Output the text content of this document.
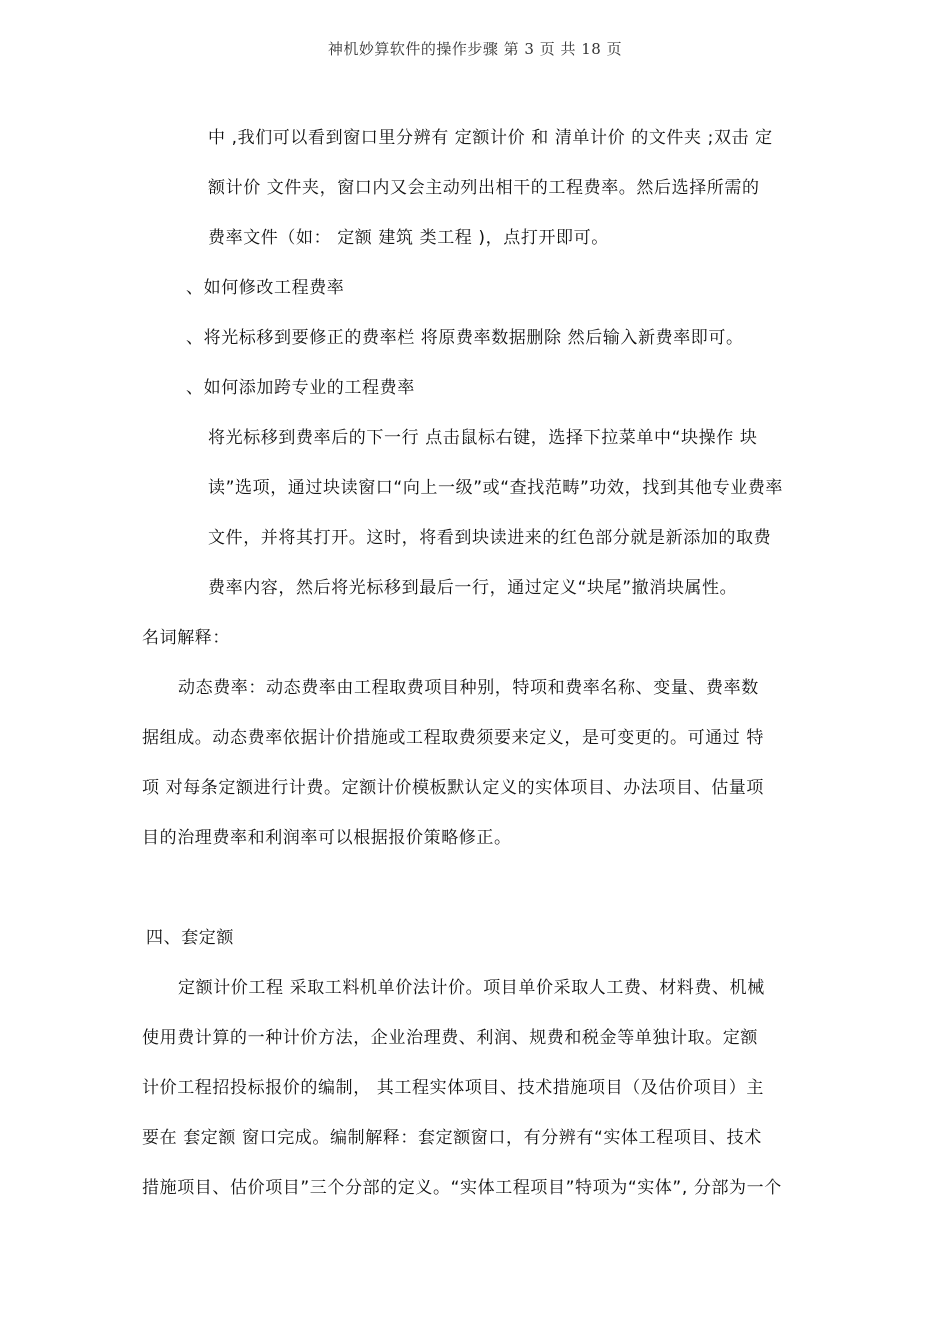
神机妙算软件的操作步骤 第 3 页 共 18 页
中 ,我们可以看到窗口里分辨有 定额计价 和 清单计价 的文件夹 ;双击 定
额计价 文件夹，窗口内又会主动列出相干的工程费率。然后选择所需的
费率文件（如： 定额 建筑 类工程 )，点打开即可。
、如何修改工程费率
、将光标移到要修正的费率栏 将原费率数据删除 然后输入新费率即可。
、如何添加跨专业的工程费率
将光标移到费率后的下一行 点击鼠标右键，选择下拉菜单中“块操作 块
读”选项，通过块读窗口“向上一级”或“查找范畴”功效，找到其他专业费率
文件，并将其打开。这时，将看到块读进来的红色部分就是新添加的取费
费率内容，然后将光标移到最后一行，通过定义“块尾”撤消块属性。
名词解释：
动态费率：动态费率由工程取费项目种别，特项和费率名称、变量、费率数
据组成。动态费率依据计价措施或工程取费须要来定义，是可变更的。可通过 特
项 对每条定额进行计费。定额计价模板默认定义的实体项目、办法项目、估量项
目的治理费率和利润率可以根据报价策略修正。
四、套定额
定额计价工程 采取工料机单价法计价。项目单价采取人工费、材料费、机械
使用费计算的一种计价方法，企业治理费、利润、规费和税金等单独计取。定额
计价工程招投标报价的编制， 其工程实体项目、技术措施项目（及估价项目）主
要在 套定额 窗口完成。编制解释：套定额窗口，有分辨有“实体工程项目、技术
措施项目、估价项目”三个分部的定义。“实体工程项目”特项为“实体”, 分部为一个
